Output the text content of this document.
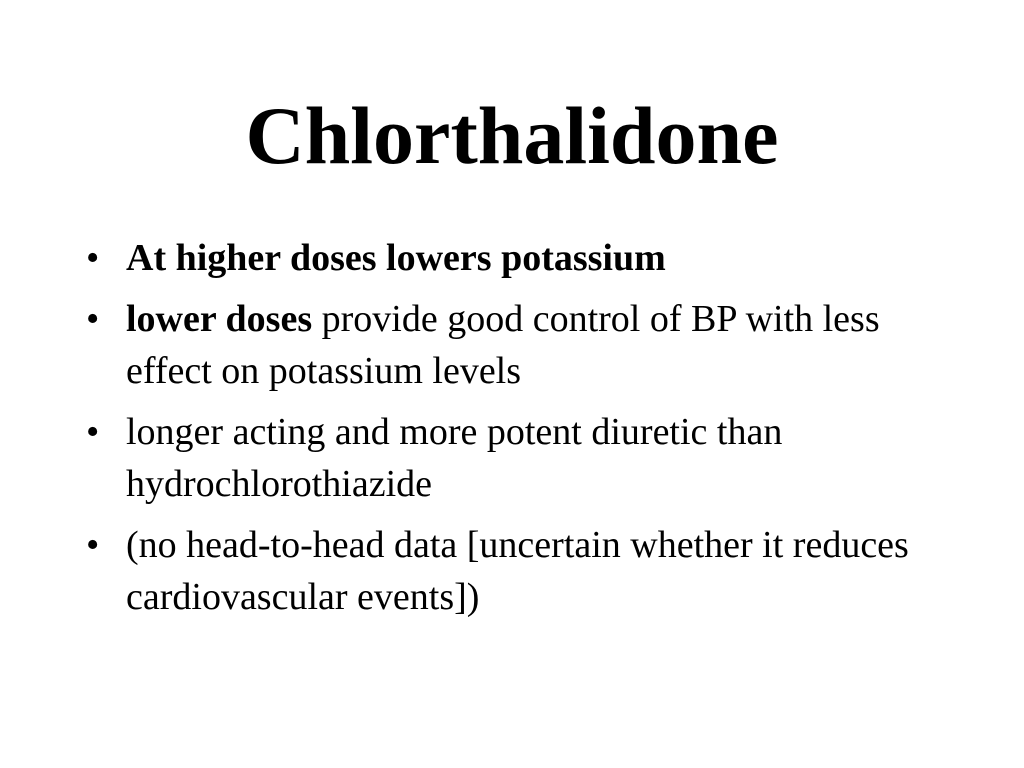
Chlorthalidone
• At higher doses lowers potassium
• lower doses provide good control of BP with less effect on potassium levels
• longer acting and more potent diuretic than hydrochlorothiazide
• (no head-to-head data [uncertain whether it reduces cardiovascular events])
